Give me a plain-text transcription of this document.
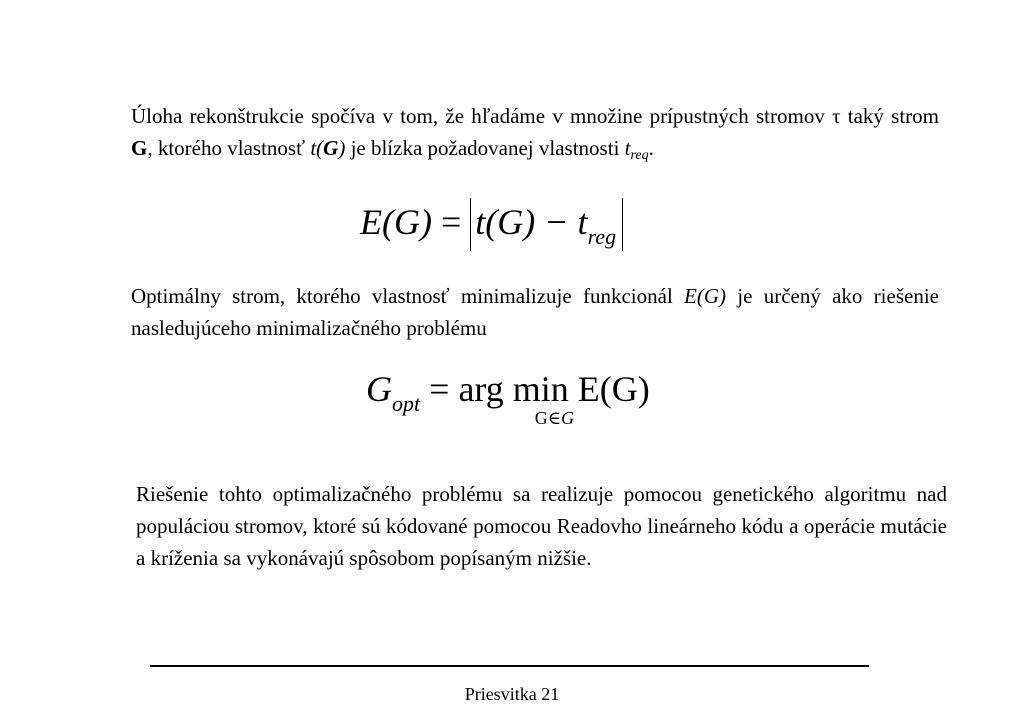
Úloha rekonštrukcie spočíva v tom, že hľadáme v množine prípustných stromov τ taký strom G, ktorého vlastnosť t(G) je blízka požadovanej vlastnosti treq.
$E(G) = t(G) - t_{reg}$
Optimálny strom, ktorého vlastnosť minimalizuje funkcionál E(G) je určený ako riešenie nasledujúceho minimalizačného problému
$G_{opt}$ = arg min
G∈G
E(G)
Riešenie tohto optimalizačného problému sa realizuje pomocou genetického algoritmu nad populáciou stromov, ktoré sú kódované pomocou Readovho lineárneho kódu a operácie mutácie a kríženia sa vykonávajú spôsobom popísaným nižšie.
Priesvitka 21
